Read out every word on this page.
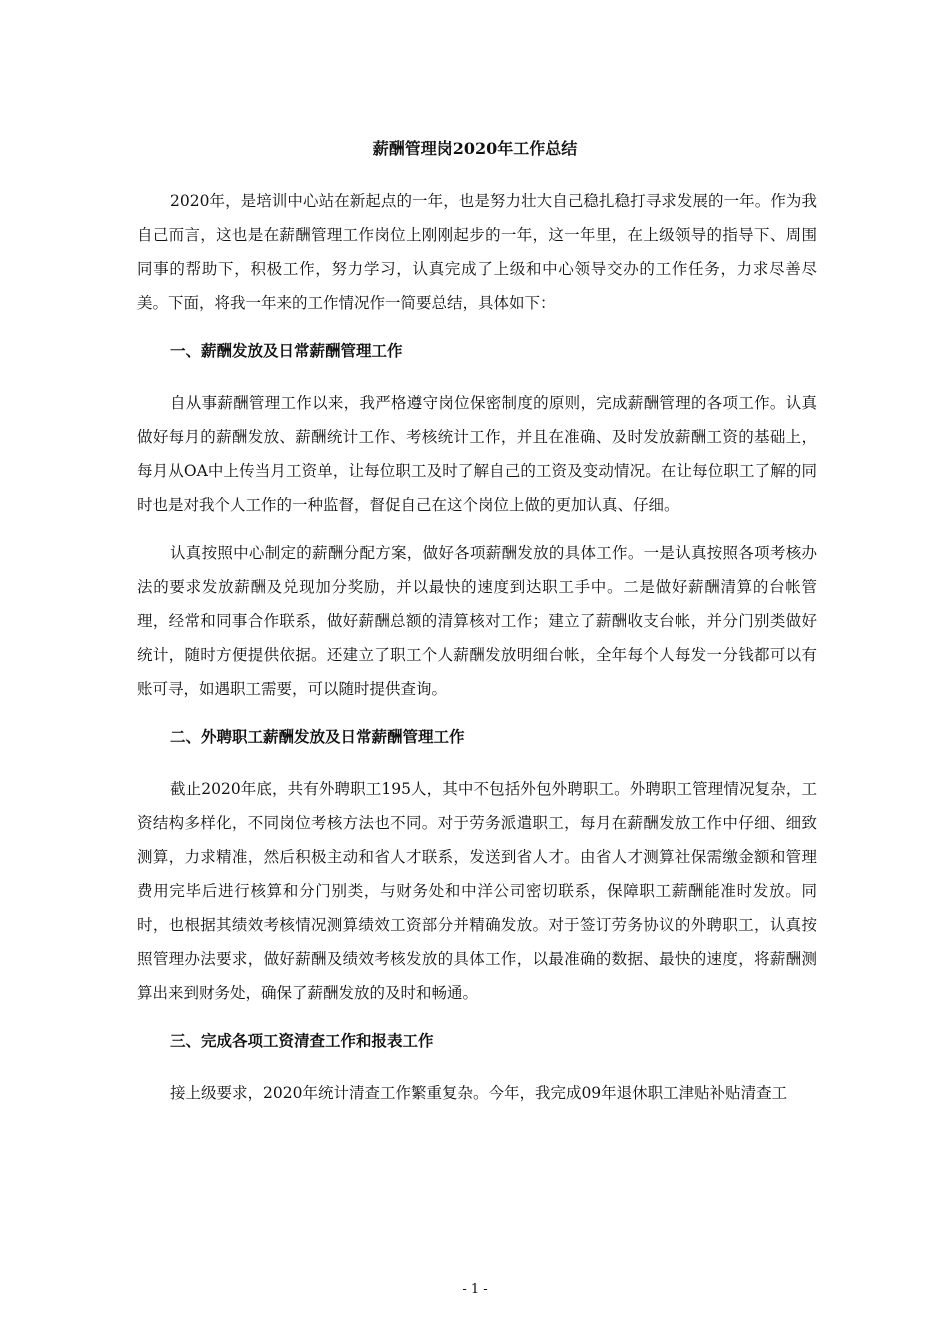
薪酬管理岗2020年工作总结

2020年，是培训中心站在新起点的一年，也是努力壮大自己稳扎稳打寻求发展的一年。作为我自己而言，这也是在薪酬管理工作岗位上刚刚起步的一年，这一年里，在上级领导的指导下、周围同事的帮助下，积极工作，努力学习，认真完成了上级和中心领导交办的工作任务，力求尽善尽美。下面，将我一年来的工作情况作一简要总结，具体如下：

一、薪酬发放及日常薪酬管理工作

自从事薪酬管理工作以来，我严格遵守岗位保密制度的原则，完成薪酬管理的各项工作。认真做好每月的薪酬发放、薪酬统计工作、考核统计工作，并且在准确、及时发放薪酬工资的基础上，每月从OA中上传当月工资单，让每位职工及时了解自己的工资及变动情况。在让每位职工了解的同时也是对我个人工作的一种监督，督促自己在这个岗位上做的更加认真、仔细。

认真按照中心制定的薪酬分配方案，做好各项薪酬发放的具体工作。一是认真按照各项考核办法的要求发放薪酬及兑现加分奖励，并以最快的速度到达职工手中。二是做好薪酬清算的台帐管理，经常和同事合作联系，做好薪酬总额的清算核对工作；建立了薪酬收支台帐，并分门别类做好统计，随时方便提供依据。还建立了职工个人薪酬发放明细台帐，全年每个人每发一分钱都可以有账可寻，如遇职工需要，可以随时提供查询。

二、外聘职工薪酬发放及日常薪酬管理工作

截止2020年底，共有外聘职工195人，其中不包括外包外聘职工。外聘职工管理情况复杂，工资结构多样化，不同岗位考核方法也不同。对于劳务派遣职工，每月在薪酬发放工作中仔细、细致测算，力求精准，然后积极主动和省人才联系，发送到省人才。由省人才测算社保需缴金额和管理费用完毕后进行核算和分门别类，与财务处和中洋公司密切联系，保障职工薪酬能准时发放。同时，也根据其绩效考核情况测算绩效工资部分并精确发放。对于签订劳务协议的外聘职工，认真按照管理办法要求，做好薪酬及绩效考核发放的具体工作，以最准确的数据、最快的速度，将薪酬测算出来到财务处，确保了薪酬发放的及时和畅通。

三、完成各项工资清查工作和报表工作

接上级要求，2020年统计清查工作繁重复杂。今年，我完成09年退休职工津贴补贴清查工

- 1 -
